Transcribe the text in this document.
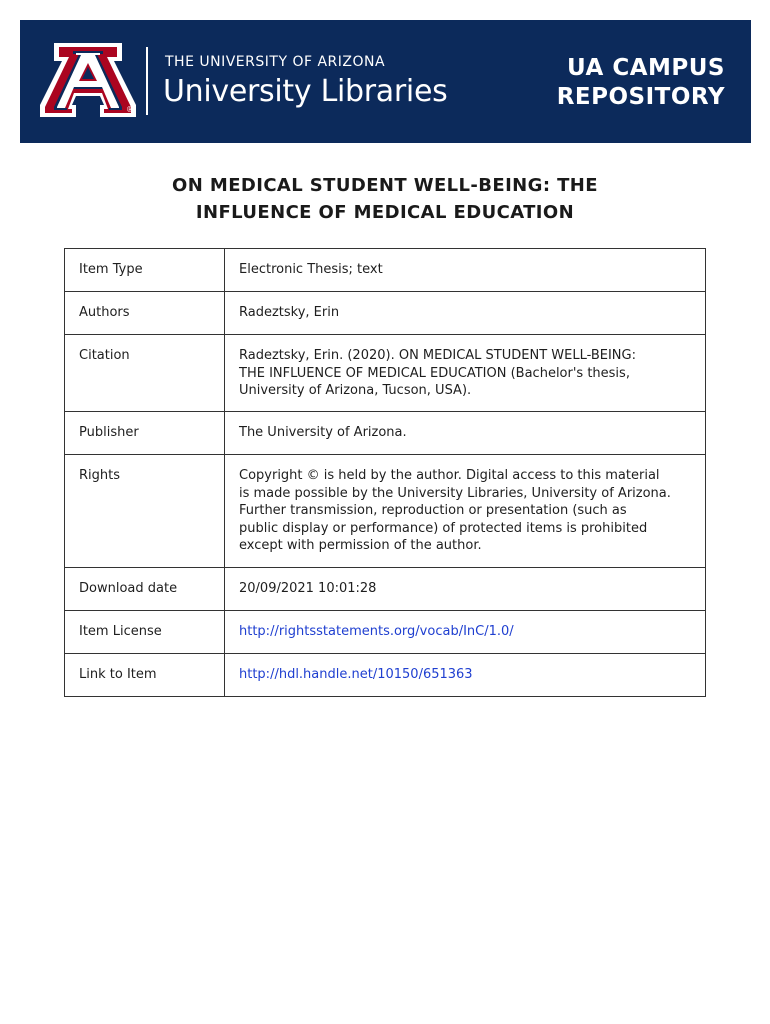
®
THE UNIVERSITY OF ARIZONA
University Libraries
UA CAMPUS
REPOSITORY
ON MEDICAL STUDENT WELL-BEING: THE
INFLUENCE OF MEDICAL EDUCATION
Item Type	Electronic Thesis; text
Authors	Radeztsky, Erin
Citation	Radeztsky, Erin. (2020). ON MEDICAL STUDENT WELL-BEING:
THE INFLUENCE OF MEDICAL EDUCATION (Bachelor's thesis,
University of Arizona, Tucson, USA).

Publisher	The University of Arizona.
Rights	Copyright © is held by the author. Digital access to this material
is made possible by the University Libraries, University of Arizona.
Further transmission, reproduction or presentation (such as
public display or performance) of protected items is prohibited
except with permission of the author.

Download date	20/09/2021 10:01:28
Item License	http://rightsstatements.org/vocab/InC/1.0/
Link to Item	http://hdl.handle.net/10150/651363
